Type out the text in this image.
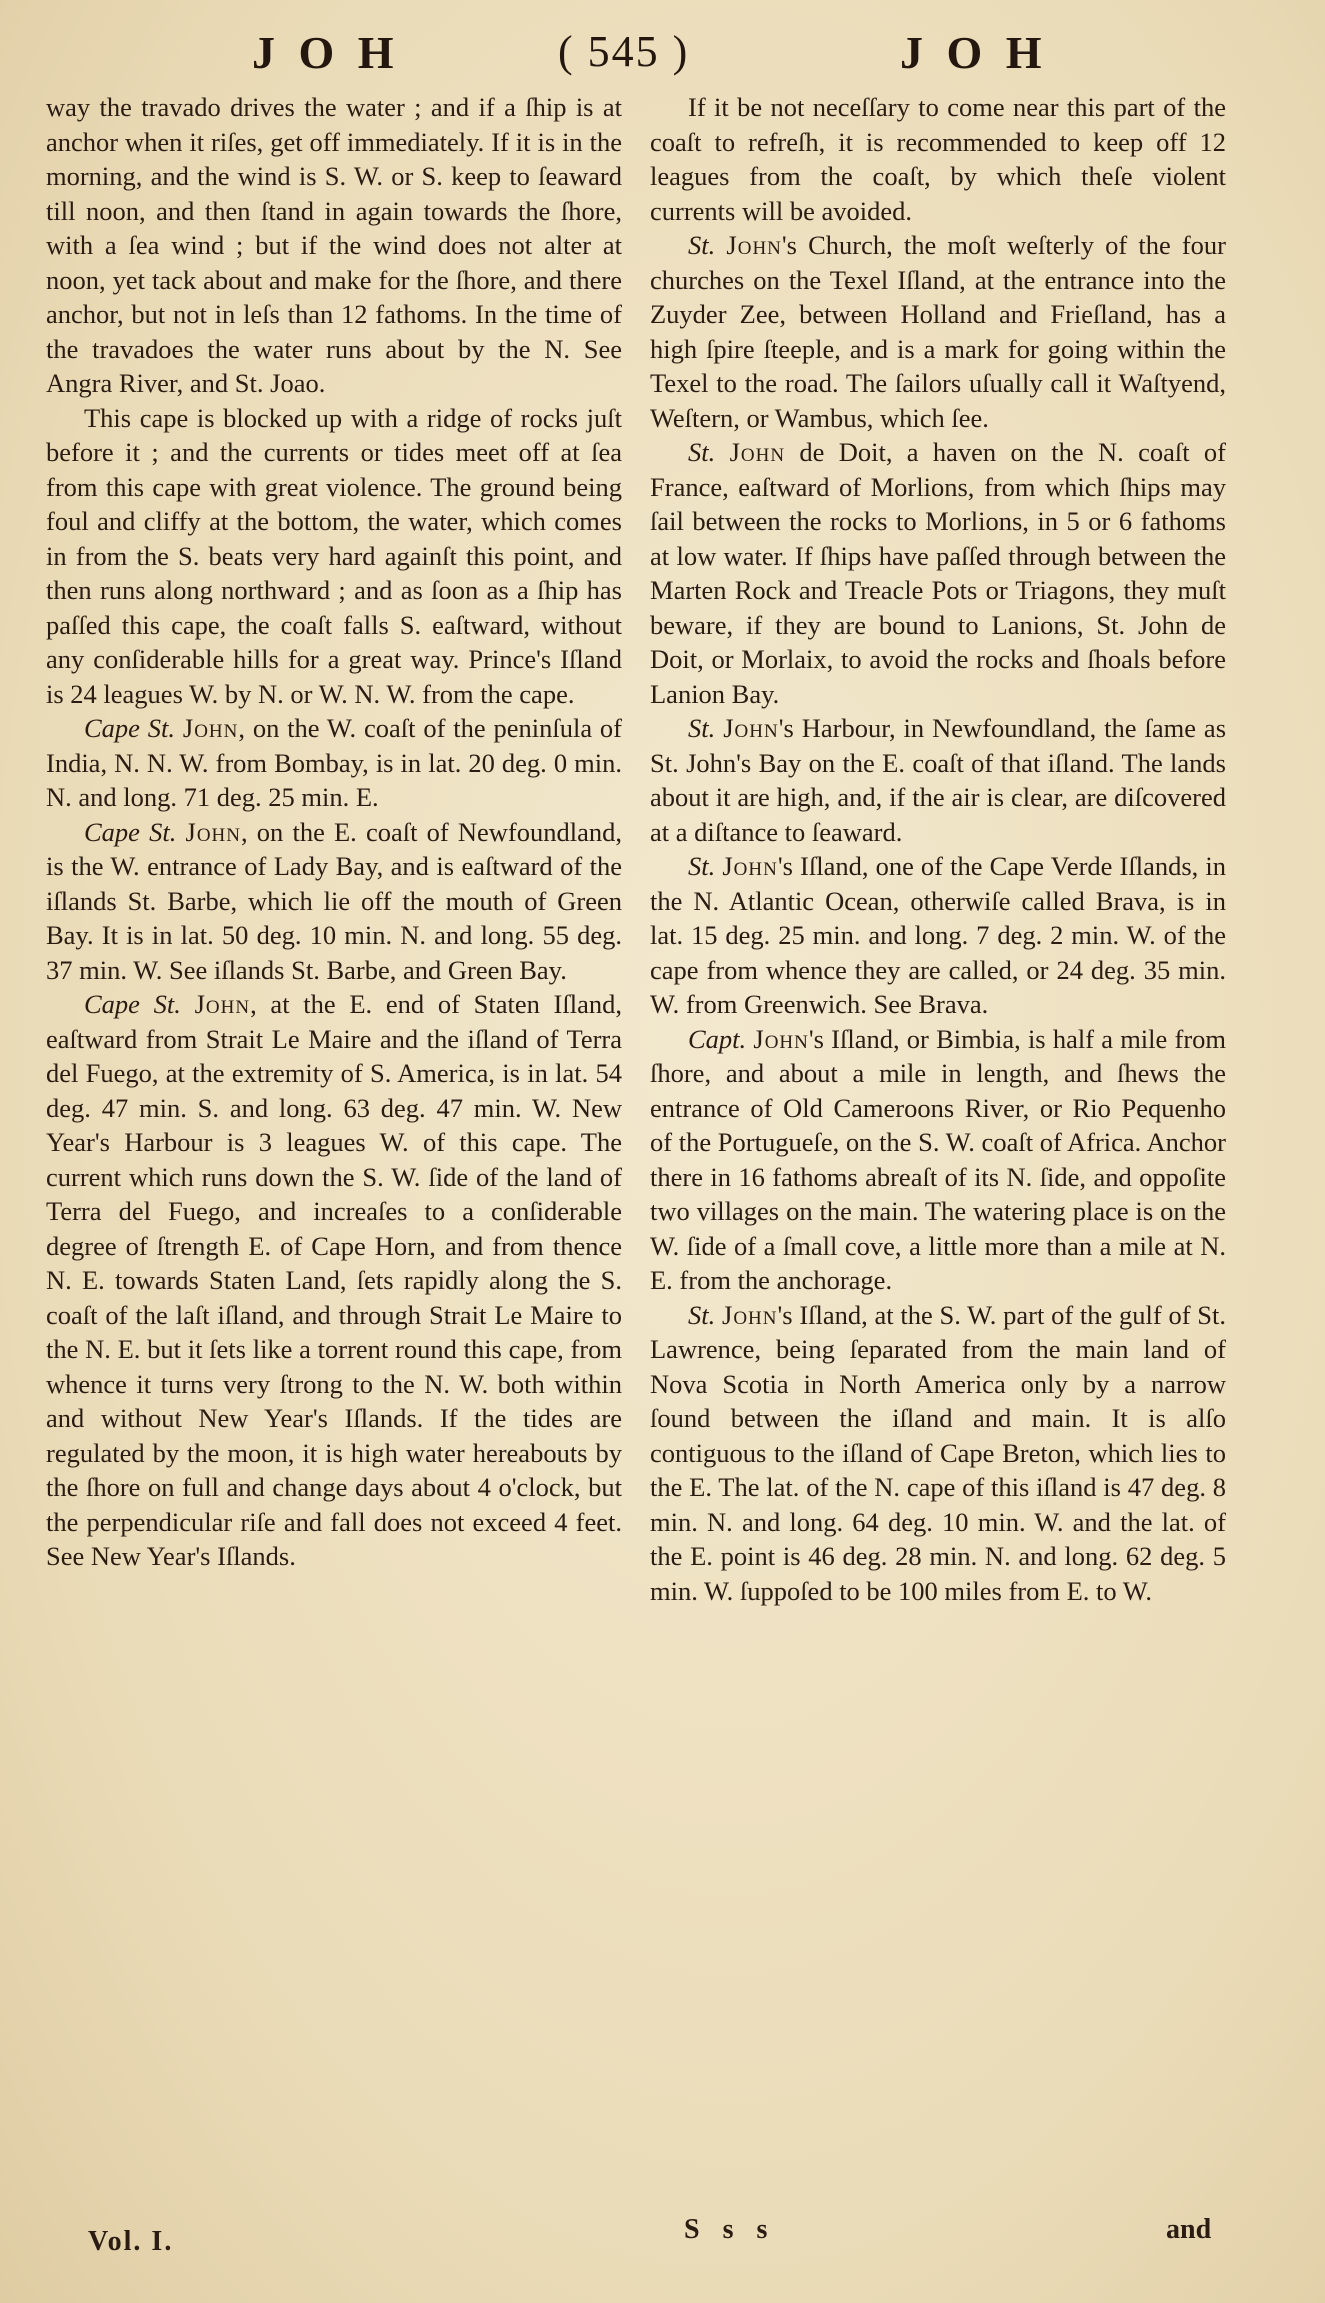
J O H	( 545 )	J O H

way the travado drives the water ; and if a ſhip is at anchor when it riſes, get off immediately. If it is in the morning, and the wind is S. W. or S. keep to ſeaward till noon, and then ſtand in again towards the ſhore, with a ſea wind ; but if the wind does not alter at noon, yet tack about and make for the ſhore, and there anchor, but not in leſs than 12 fathoms. In the time of the travadoes the water runs about by the N. See Angra River, and St. Joao.

This cape is blocked up with a ridge of rocks juſt before it ; and the currents or tides meet off at ſea from this cape with great violence. The ground being foul and cliffy at the bottom, the water, which comes in from the S. beats very hard againſt this point, and then runs along northward ; and as ſoon as a ſhip has paſſed this cape, the coaſt falls S. eaſtward, without any conſiderable hills for a great way. Prince's Iſland is 24 leagues W. by N. or W. N. W. from the cape.

Cape St. John, on the W. coaſt of the peninſula of India, N. N. W. from Bombay, is in lat. 20 deg. 0 min. N. and long. 71 deg. 25 min. E.

Cape St. John, on the E. coaſt of Newfoundland, is the W. entrance of Lady Bay, and is eaſtward of the iſlands St. Barbe, which lie off the mouth of Green Bay. It is in lat. 50 deg. 10 min. N. and long. 55 deg. 37 min. W. See iſlands St. Barbe, and Green Bay.

Cape St. John, at the E. end of Staten Iſland, eaſtward from Strait Le Maire and the iſland of Terra del Fuego, at the extremity of S. America, is in lat. 54 deg. 47 min. S. and long. 63 deg. 47 min. W. New Year's Harbour is 3 leagues W. of this cape. The current which runs down the S. W. ſide of the land of Terra del Fuego, and increaſes to a conſiderable degree of ſtrength E. of Cape Horn, and from thence N. E. towards Staten Land, ſets rapidly along the S. coaſt of the laſt iſland, and through Strait Le Maire to the N. E. but it ſets like a torrent round this cape, from whence it turns very ſtrong to the N. W. both within and without New Year's Iſlands. If the tides are regulated by the moon, it is high water hereabouts by the ſhore on full and change days about 4 o'clock, but the perpendicular riſe and fall does not exceed 4 feet. See New Year's Iſlands.

If it be not neceſſary to come near this part of the coaſt to refreſh, it is recommended to keep off 12 leagues from the coaſt, by which theſe violent currents will be avoided.

St. John's Church, the moſt weſterly of the four churches on the Texel Iſland, at the entrance into the Zuyder Zee, between Holland and Frieſland, has a high ſpire ſteeple, and is a mark for going within the Texel to the road. The ſailors uſually call it Waſtyend, Weſtern, or Wambus, which ſee.

St. John de Doit, a haven on the N. coaſt of France, eaſtward of Morlions, from which ſhips may ſail between the rocks to Morlions, in 5 or 6 fathoms at low water. If ſhips have paſſed through between the Marten Rock and Treacle Pots or Triagons, they muſt beware, if they are bound to Lanions, St. John de Doit, or Morlaix, to avoid the rocks and ſhoals before Lanion Bay.

St. John's Harbour, in Newfoundland, the ſame as St. John's Bay on the E. coaſt of that iſland. The lands about it are high, and, if the air is clear, are diſcovered at a diſtance to ſeaward.

St. John's Iſland, one of the Cape Verde Iſlands, in the N. Atlantic Ocean, otherwiſe called Brava, is in lat. 15 deg. 25 min. and long. 7 deg. 2 min. W. of the cape from whence they are called, or 24 deg. 35 min. W. from Greenwich. See Brava.

Capt. John's Iſland, or Bimbia, is half a mile from ſhore, and about a mile in length, and ſhews the entrance of Old Cameroons River, or Rio Pequenho of the Portugueſe, on the S. W. coaſt of Africa. Anchor there in 16 fathoms abreaſt of its N. ſide, and oppoſite two villages on the main. The watering place is on the W. ſide of a ſmall cove, a little more than a mile at N. E. from the anchorage.

St. John's Iſland, at the S. W. part of the gulf of St. Lawrence, being ſeparated from the main land of Nova Scotia in North America only by a narrow ſound between the iſland and main. It is alſo contiguous to the iſland of Cape Breton, which lies to the E. The lat. of the N. cape of this iſland is 47 deg. 8 min. N. and long. 64 deg. 10 min. W. and the lat. of the E. point is 46 deg. 28 min. N. and long. 62 deg. 5 min. W. ſuppoſed to be 100 miles from E. to W.

Vol. I.	S s s	and
